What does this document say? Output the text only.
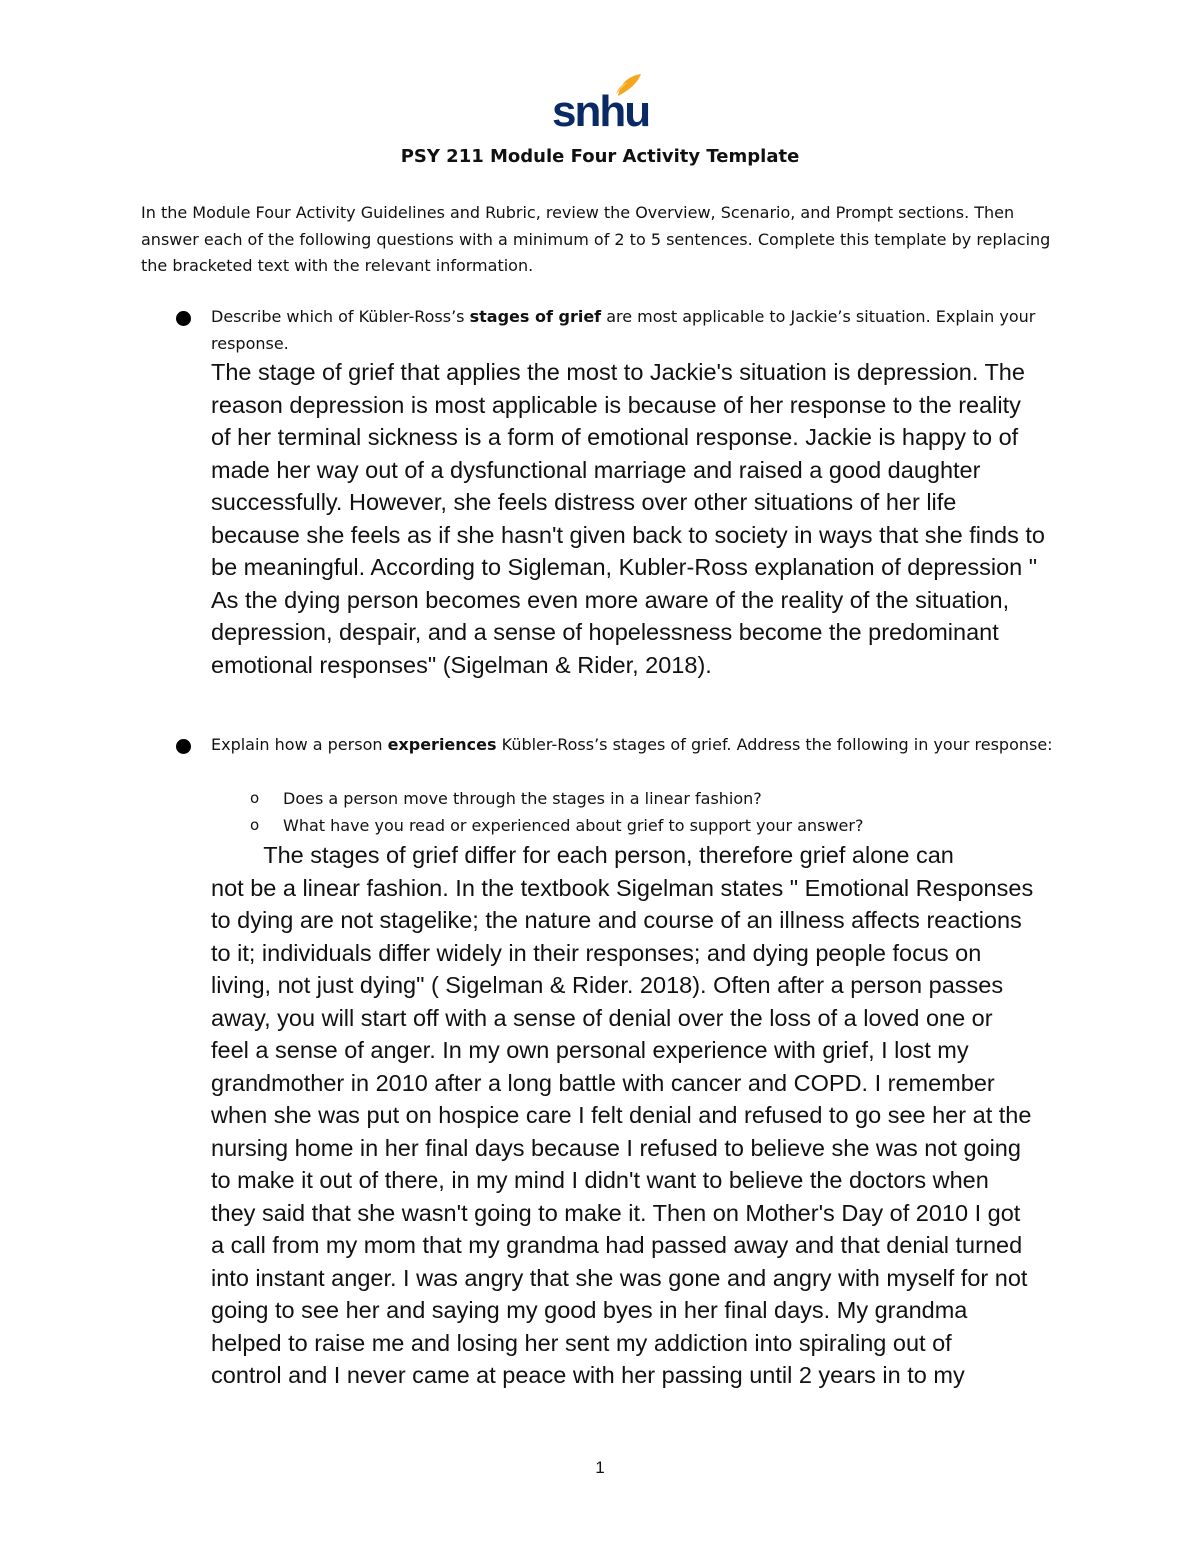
snhu
PSY 211 Module Four Activity Template

In the Module Four Activity Guidelines and Rubric, review the Overview, Scenario, and Prompt sections. Then answer each of the following questions with a minimum of 2 to 5 sentences. Complete this template by replacing the bracketed text with the relevant information.

Describe which of Kübler-Ross’s stages of grief are most applicable to Jackie’s situation. Explain your response.

The stage of grief that applies the most to Jackie's situation is depression. The
reason depression is most applicable is because of her response to the reality
of her terminal sickness is a form of emotional response. Jackie is happy to of
made her way out of a dysfunctional marriage and raised a good daughter
successfully. However, she feels distress over other situations of her life
because she feels as if she hasn't given back to society in ways that she finds to
be meaningful. According to Sigleman, Kubler-Ross explanation of depression "
As the dying person becomes even more aware of the reality of the situation,
depression, despair, and a sense of hopelessness become the predominant
emotional responses" (Sigelman & Rider, 2018).

Explain how a person experiences Kübler-Ross’s stages of grief. Address the following in your response:

o	Does a person move through the stages in a linear fashion?

o	What have you read or experienced about grief to support your answer?

The stages of grief differ for each person, therefore grief alone can
not be a linear fashion. In the textbook Sigelman states " Emotional Responses
to dying are not stagelike; the nature and course of an illness affects reactions
to it; individuals differ widely in their responses; and dying people focus on
living, not just dying" ( Sigelman & Rider. 2018). Often after a person passes
away, you will start off with a sense of denial over the loss of a loved one or
feel a sense of anger. In my own personal experience with grief, I lost my
grandmother in 2010 after a long battle with cancer and COPD. I remember
when she was put on hospice care I felt denial and refused to go see her at the
nursing home in her final days because I refused to believe she was not going
to make it out of there, in my mind I didn't want to believe the doctors when
they said that she wasn't going to make it. Then on Mother's Day of 2010 I got
a call from my mom that my grandma had passed away and that denial turned
into instant anger. I was angry that she was gone and angry with myself for not
going to see her and saying my good byes in her final days. My grandma
helped to raise me and losing her sent my addiction into spiraling out of
control and I never came at peace with her passing until 2 years in to my

1
